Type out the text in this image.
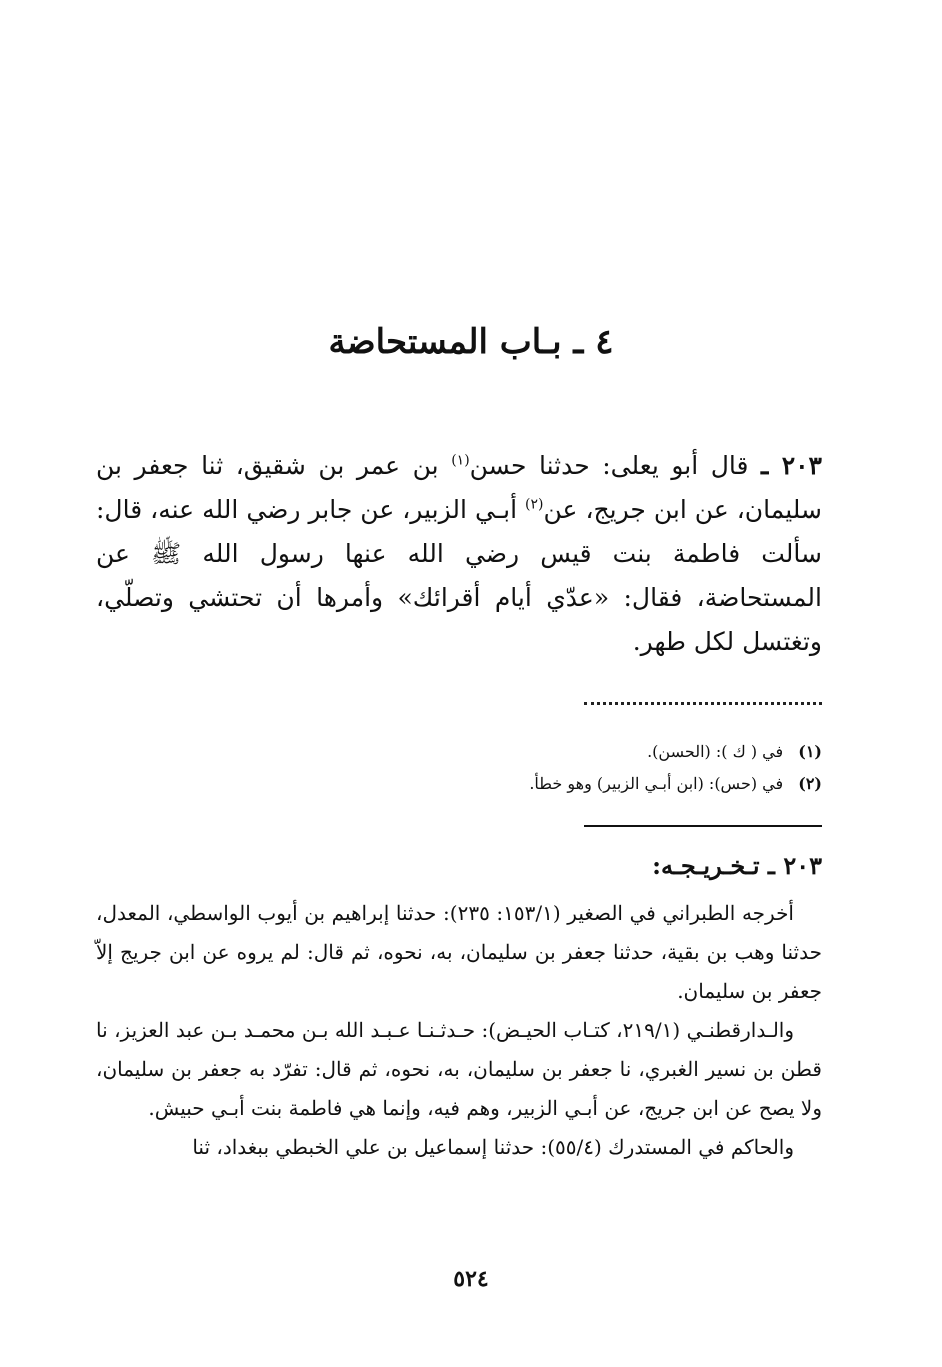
٤ ـ بـاب المستحاضة
٢٠٣ ـ قال أبو يعلى: حدثنا حسن$^{(١)}$ بن عمر بن شقيق، ثنا جعفر بن سليمان، عن ابن جريج، عن$^{(٢)}$ أبـي الزبير، عن جابر رضي الله عنه، قال: سألت فاطمة بنت قيس رضي الله عنها رسول الله ﷺ عن المستحاضة، فقال: «عدّي أيام أقرائك» وأمرها أن تحتشي وتصلّي، وتغتسل لكل طهر.
(١) في ( ك ): (الحسن).
(٢) في (حس): (ابن أبـي الزبير) وهو خطأ.
٢٠٣ ـ تـخـريـجـه:

أخرجه الطبراني في الصغير (١٥٣/١: ٢٣٥): حدثنا إبراهيم بن أيوب الواسطي، المعدل، حدثنا وهب بن بقية، حدثنا جعفر بن سليمان، به، نحوه، ثم قال: لم يروه عن ابن جريج إلاّ جعفر بن سليمان.

والـدارقطنـي (٢١٩/١، كتـاب الحيـض): حـدثـنـا عـبـد الله بـن محمـد بـن عبد العزيز، نا قطن بن نسير الغبري، نا جعفر بن سليمان، به، نحوه، ثم قال: تفرّد به جعفر بن سليمان، ولا يصح عن ابن جريج، عن أبـي الزبير، وهم فيه، وإنما هي فاطمة بنت أبـي حبيش.

والحاكم في المستدرك (٥٥/٤): حدثنا إسماعيل بن علي الخبطي ببغداد، ثنا

٥٢٤
